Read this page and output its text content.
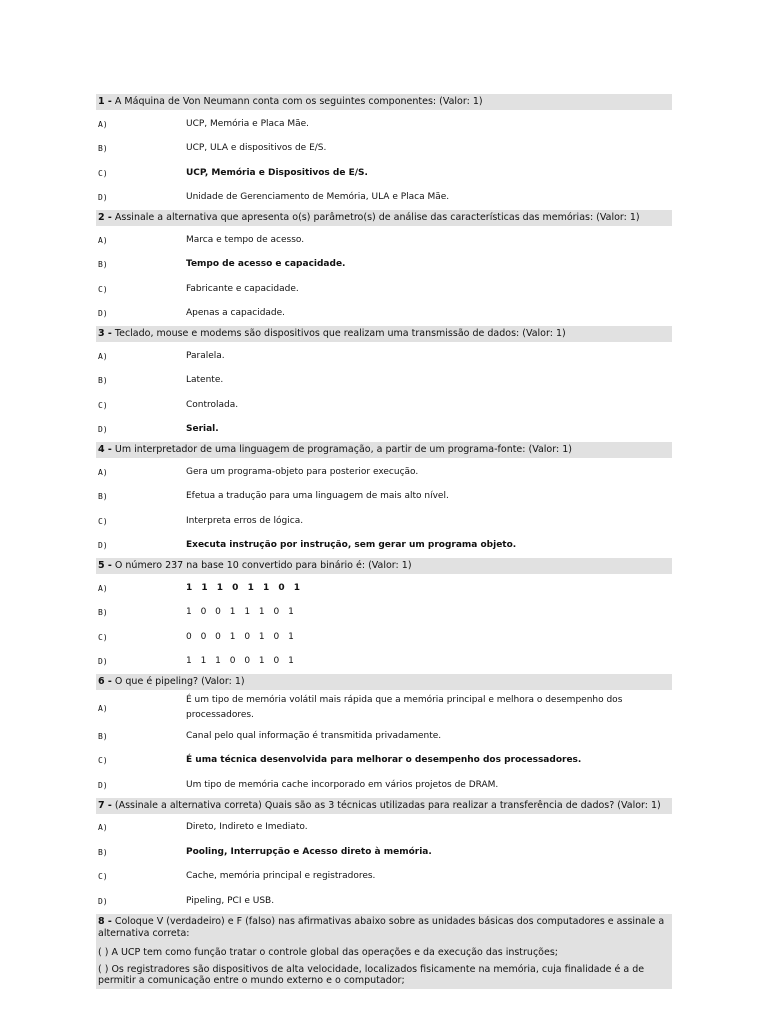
1 - A Máquina de Von Neumann conta com os seguintes componentes: (Valor: 1)
A)	UCP, Memória e Placa Mãe.
B)	UCP, ULA e dispositivos de E/S.
C)	UCP, Memória e Dispositivos de E/S.
D)	Unidade de Gerenciamento de Memória, ULA e Placa Mãe.
2 - Assinale a alternativa que apresenta o(s) parâmetro(s) de análise das características das memórias: (Valor: 1)
A)	Marca e tempo de acesso.
B)	Tempo de acesso e capacidade.
C)	Fabricante e capacidade.
D)	Apenas a capacidade.
3 - Teclado, mouse e modems são dispositivos que realizam uma transmissão de dados: (Valor: 1)
A)	Paralela.
B)	Latente.
C)	Controlada.
D)	Serial.
4 - Um interpretador de uma linguagem de programação, a partir de um programa-fonte: (Valor: 1)
A)	Gera um programa-objeto para posterior execução.
B)	Efetua a tradução para uma linguagem de mais alto nível.
C)	Interpreta erros de lógica.
D)	Executa instrução por instrução, sem gerar um programa objeto.
5 - O número 237 na base 10 convertido para binário é: (Valor: 1)
A)	1 1 1 0 1 1 0 1
B)	1 0 0 1 1 1 0 1
C)	0 0 0 1 0 1 0 1
D)	1 1 1 0 0 1 0 1
6 - O que é pipeling? (Valor: 1)
A)
É um tipo de memória volátil mais rápida que a memória principal e melhora o desempenho dos processadores.
B)	Canal pelo qual informação é transmitida privadamente.
C)	É uma técnica desenvolvida para melhorar o desempenho dos processadores.
D)	Um tipo de memória cache incorporado em vários projetos de DRAM.
7 - (Assinale a alternativa correta) Quais são as 3 técnicas utilizadas para realizar a transferência de dados? (Valor: 1)
A)	Direto, Indireto e Imediato.
B)	Pooling, Interrupção e Acesso direto à memória.
C)	Cache, memória principal e registradores.
D)	Pipeling, PCI e USB.
8 - Coloque V (verdadeiro) e F (falso) nas afirmativas abaixo sobre as unidades básicas dos computadores e assinale a alternativa correta:
( ) A UCP tem como função tratar o controle global das operações e da execução das instruções;
( ) Os registradores são dispositivos de alta velocidade, localizados fisicamente na memória, cuja finalidade é a de permitir a comunicação entre o mundo externo e o computador;
